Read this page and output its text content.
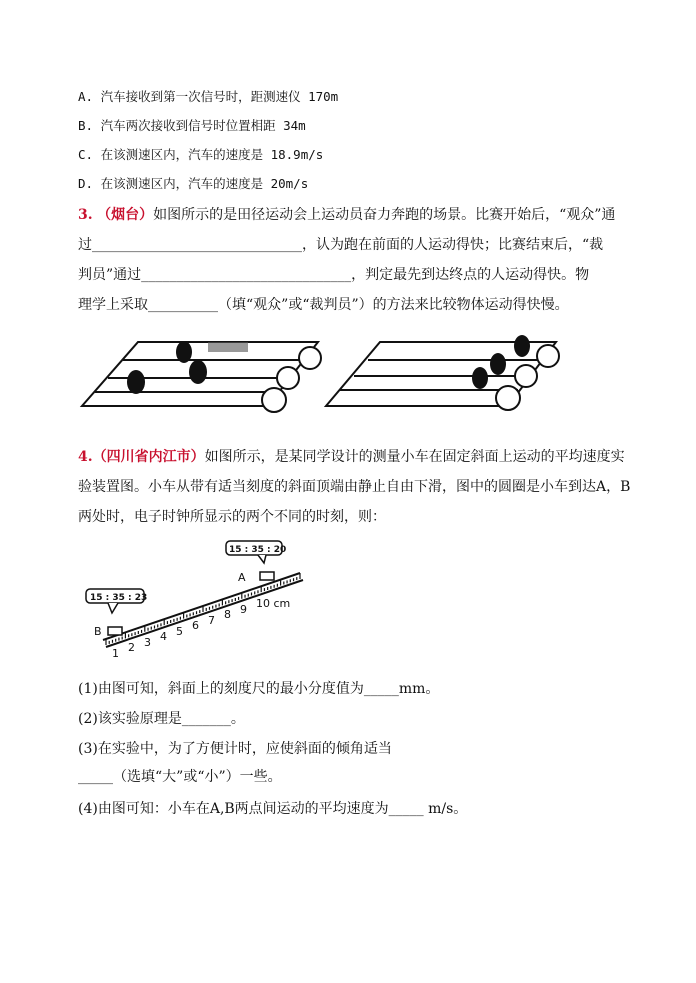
A. 汽车接收到第一次信号时，距测速仪 170m
B. 汽车两次接收到信号时位置相距 34m
C. 在该测速区内，汽车的速度是 18.9m/s
D. 在该测速区内，汽车的速度是 20m/s
3. （烟台）如图所示的是田径运动会上运动员奋力奔跑的场景。比赛开始后，“观众”通
过______________________________，认为跑在前面的人运动得快；比赛结束后，“裁
判员”通过______________________________，判定最先到达终点的人运动得快。物
理学上采取__________（填“观众”或“裁判员”）的方法来比较物体运动得快慢。
4.（四川省内江市）如图所示，是某同学设计的测量小车在固定斜面上运动的平均速度实
验装置图。小车从带有适当刻度的斜面顶端由静止自由下滑，图中的圆圈是小车到达A，B
两处时，电子时钟所显示的两个不同的时刻，则：
1 2 3 4 5 6 7 8 9 10 cm
15 : 35 : 20
A
15 : 35 : 23
B
(1)由图可知，斜面上的刻度尺的最小分度值为_____mm。
(2)该实验原理是_______。
(3)在实验中，为了方便计时，应使斜面的倾角适当
_____（选填“大”或“小”）一些。
(4)由图可知：小车在A,B两点间运动的平均速度为_____ m/s。
